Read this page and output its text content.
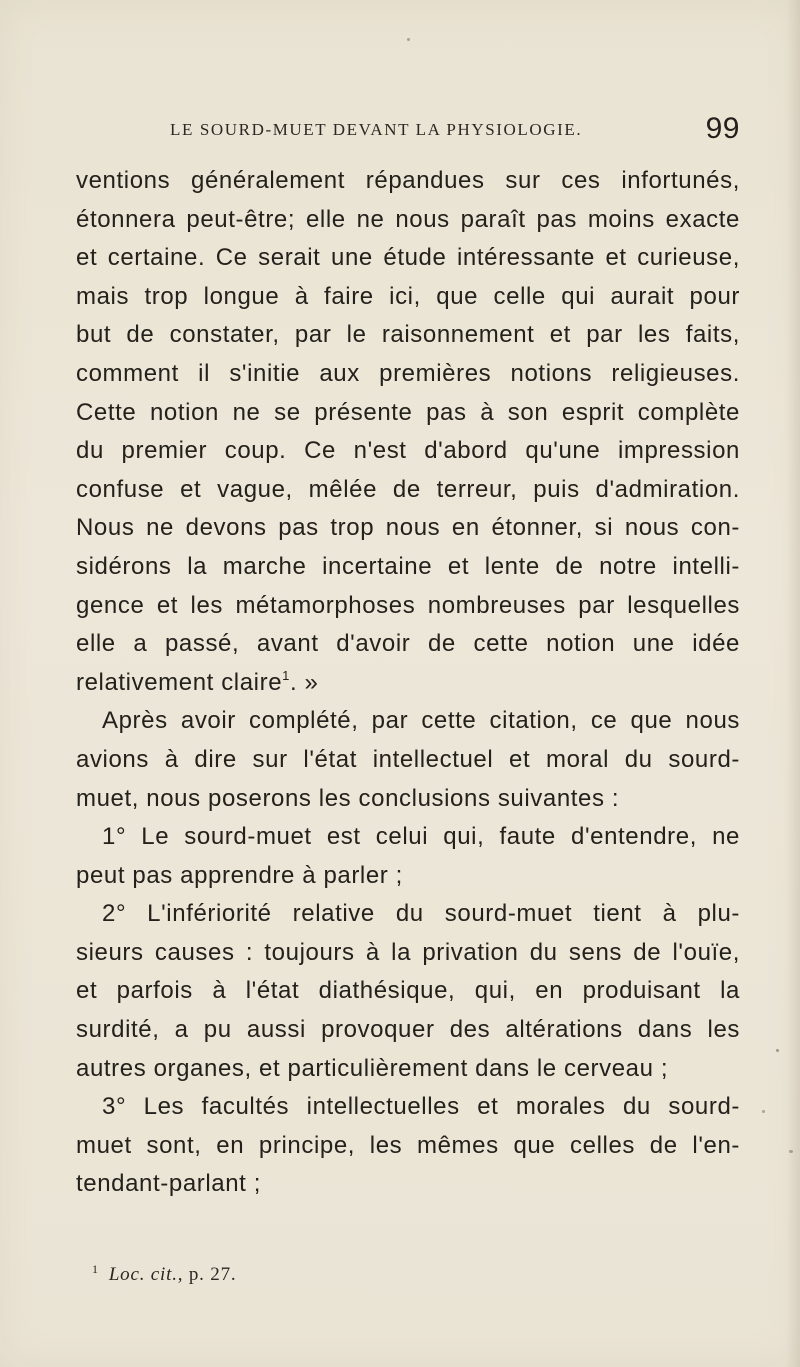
LE SOURD-MUET DEVANT LA PHYSIOLOGIE.	99
ventions généralement répandues sur ces infortunés,
étonnera peut-être; elle ne nous paraît pas moins exacte
et certaine. Ce serait une étude intéressante et curieuse,
mais trop longue à faire ici, que celle qui aurait pour
but de constater, par le raisonnement et par les faits,
comment il s'initie aux premières notions religieuses.
Cette notion ne se présente pas à son esprit complète
du premier coup. Ce n'est d'abord qu'une impression
confuse et vague, mêlée de terreur, puis d'admiration.
Nous ne devons pas trop nous en étonner, si nous con-
sidérons la marche incertaine et lente de notre intelli-
gence et les métamorphoses nombreuses par lesquelles
elle a passé, avant d'avoir de cette notion une idée
relativement claire$^1$. »
Après avoir complété, par cette citation, ce que nous
avions à dire sur l'état intellectuel et moral du sourd-
muet, nous poserons les conclusions suivantes :
1° Le sourd-muet est celui qui, faute d'entendre, ne
peut pas apprendre à parler ;
2° L'infériorité relative du sourd-muet tient à plu-
sieurs causes : toujours à la privation du sens de l'ouïe,
et parfois à l'état diathésique, qui, en produisant la
surdité, a pu aussi provoquer des altérations dans les
autres organes, et particulièrement dans le cerveau ;
3° Les facultés intellectuelles et morales du sourd-
muet sont, en principe, les mêmes que celles de l'en-
tendant-parlant ;
$^1$ Loc. cit., p. 27.
